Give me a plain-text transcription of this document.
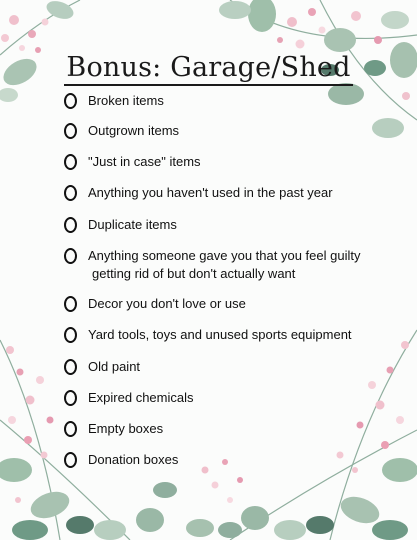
Bonus: Garage/Shed
Broken items
Outgrown items
"Just in case" items
Anything you haven't used in the past year
Duplicate items
Anything someone gave you that you feel guilty
getting rid of but don't actually want
Decor you don't love or use
Yard tools, toys and unused sports equipment
Old paint
Expired chemicals
Empty boxes
Donation boxes
